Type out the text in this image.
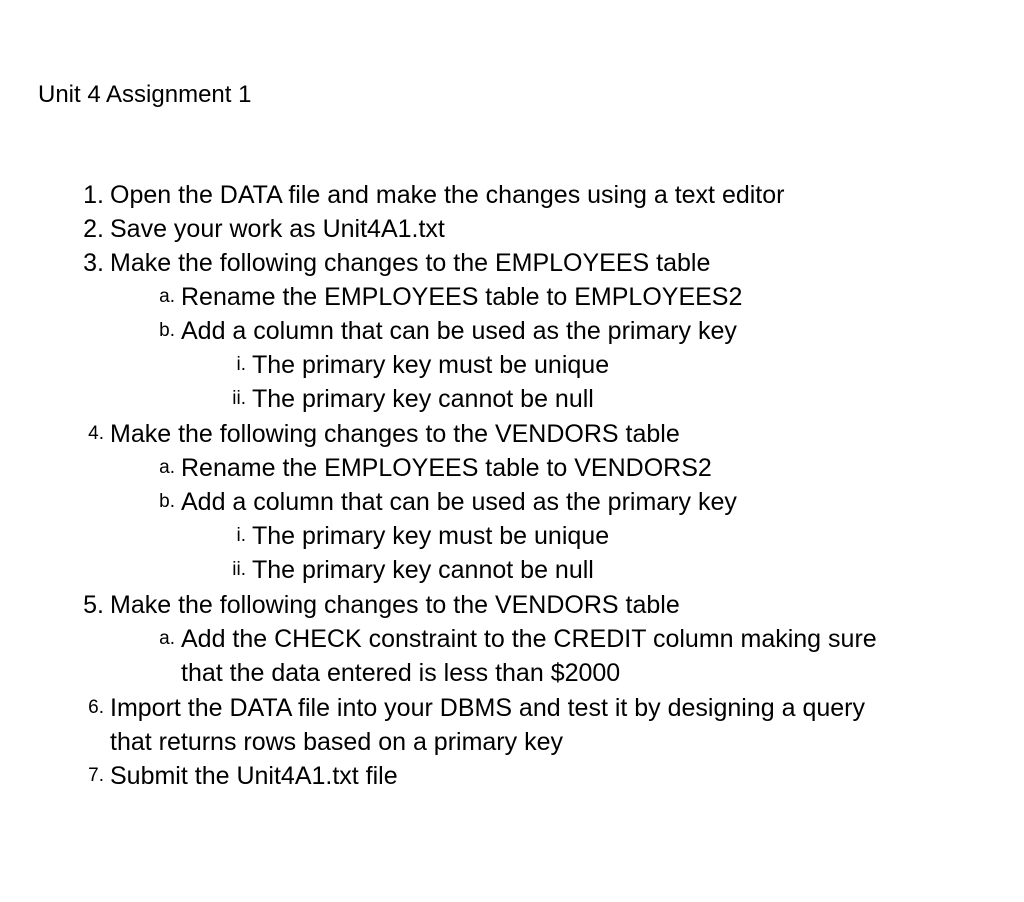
Unit 4 Assignment 1
1. Open the DATA file and make the changes using a text editor
2. Save your work as Unit4A1.txt
3. Make the following changes to the EMPLOYEES table
a. Rename the EMPLOYEES table to EMPLOYEES2
b. Add a column that can be used as the primary key
i. The primary key must be unique
ii. The primary key cannot be null
4. Make the following changes to the VENDORS table
a. Rename the EMPLOYEES table to VENDORS2
b. Add a column that can be used as the primary key
i. The primary key must be unique
ii. The primary key cannot be null
5. Make the following changes to the VENDORS table
a. Add the CHECK constraint to the CREDIT column making sure
that the data entered is less than $2000
6. Import the DATA file into your DBMS and test it by designing a query
that returns rows based on a primary key
7. Submit the Unit4A1.txt file
